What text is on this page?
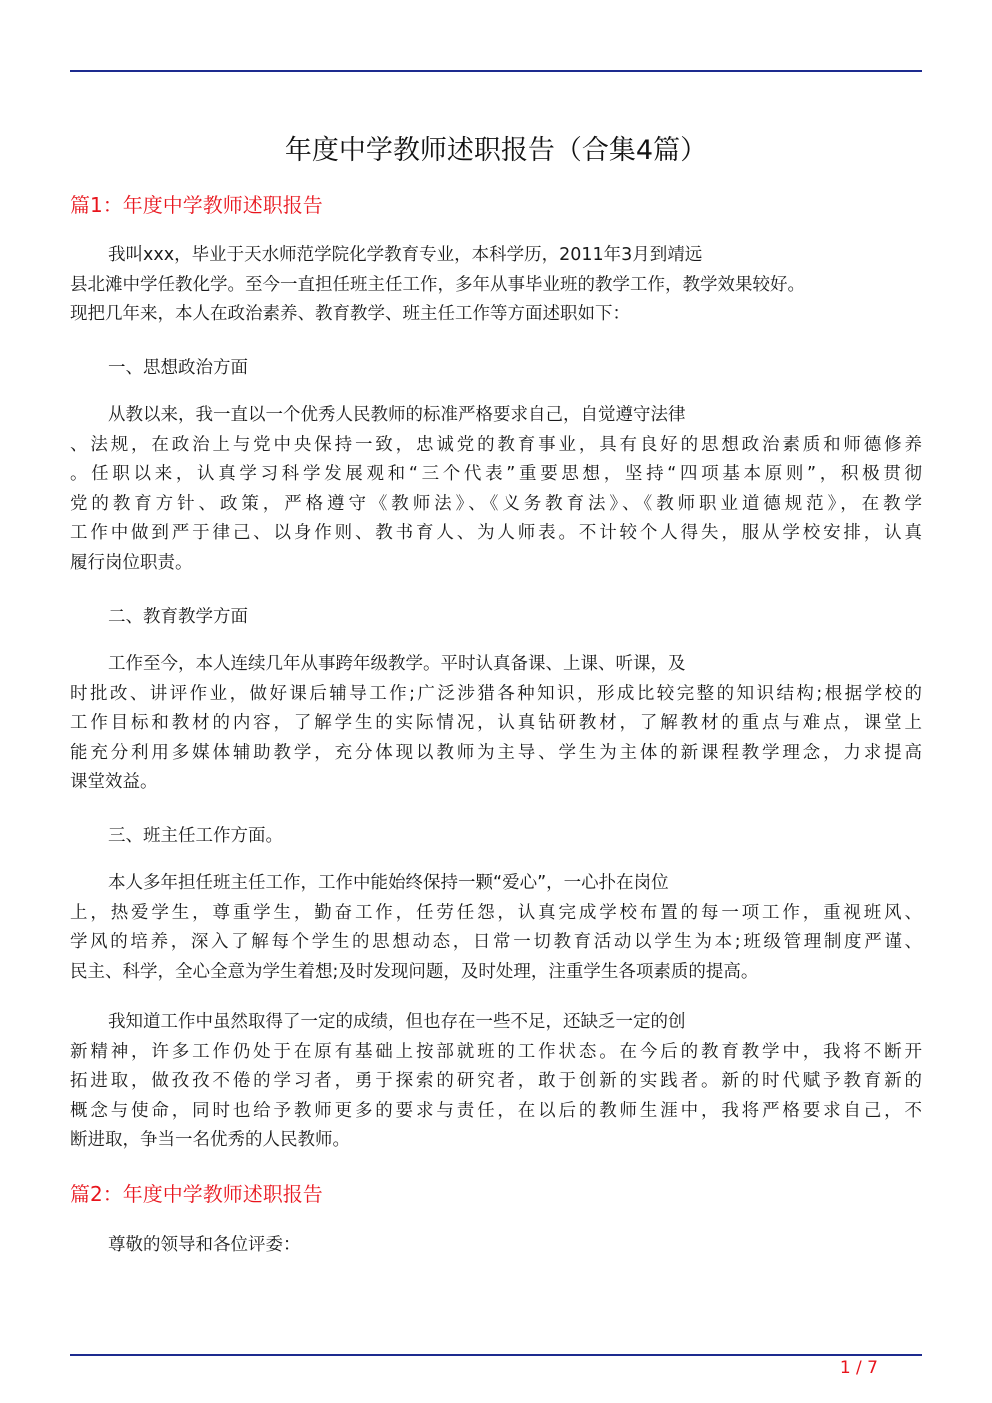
年度中学教师述职报告（合集4篇）
篇1：年度中学教师述职报告
我叫xxx，毕业于天水师范学院化学教育专业，本科学历，2011年3月到靖远
县北滩中学任教化学。至今一直担任班主任工作，多年从事毕业班的教学工作，教学效果较好。
现把几年来，本人在政治素养、教育教学、班主任工作等方面述职如下：
一、思想政治方面
从教以来，我一直以一个优秀人民教师的标准严格要求自己，自觉遵守法律
、法规，在政治上与党中央保持一致，忠诚党的教育事业，具有良好的思想政治素质和师德修养
。任职以来，认真学习科学发展观和“三个代表”重要思想，坚持“四项基本原则”，积极贯彻
党的教育方针、政策，严格遵守《教师法》、《义务教育法》、《教师职业道德规范》，在教学
工作中做到严于律己、以身作则、教书育人、为人师表。不计较个人得失，服从学校安排，认真
履行岗位职责。
二、教育教学方面
工作至今，本人连续几年从事跨年级教学。平时认真备课、上课、听课，及
时批改、讲评作业，做好课后辅导工作;广泛涉猎各种知识，形成比较完整的知识结构;根据学校的
工作目标和教材的内容，了解学生的实际情况，认真钻研教材，了解教材的重点与难点，课堂上
能充分利用多媒体辅助教学，充分体现以教师为主导、学生为主体的新课程教学理念，力求提高
课堂效益。
三、班主任工作方面。
本人多年担任班主任工作，工作中能始终保持一颗“爱心”，一心扑在岗位
上，热爱学生，尊重学生，勤奋工作，任劳任怨，认真完成学校布置的每一项工作，重视班风、
学风的培养，深入了解每个学生的思想动态，日常一切教育活动以学生为本;班级管理制度严谨、
民主、科学，全心全意为学生着想;及时发现问题，及时处理，注重学生各项素质的提高。
我知道工作中虽然取得了一定的成绩，但也存在一些不足，还缺乏一定的创
新精神，许多工作仍处于在原有基础上按部就班的工作状态。在今后的教育教学中，我将不断开
拓进取，做孜孜不倦的学习者，勇于探索的研究者，敢于创新的实践者。新的时代赋予教育新的
概念与使命，同时也给予教师更多的要求与责任，在以后的教师生涯中，我将严格要求自己，不
断进取，争当一名优秀的人民教师。
篇2：年度中学教师述职报告
尊敬的领导和各位评委：
1 / 7
